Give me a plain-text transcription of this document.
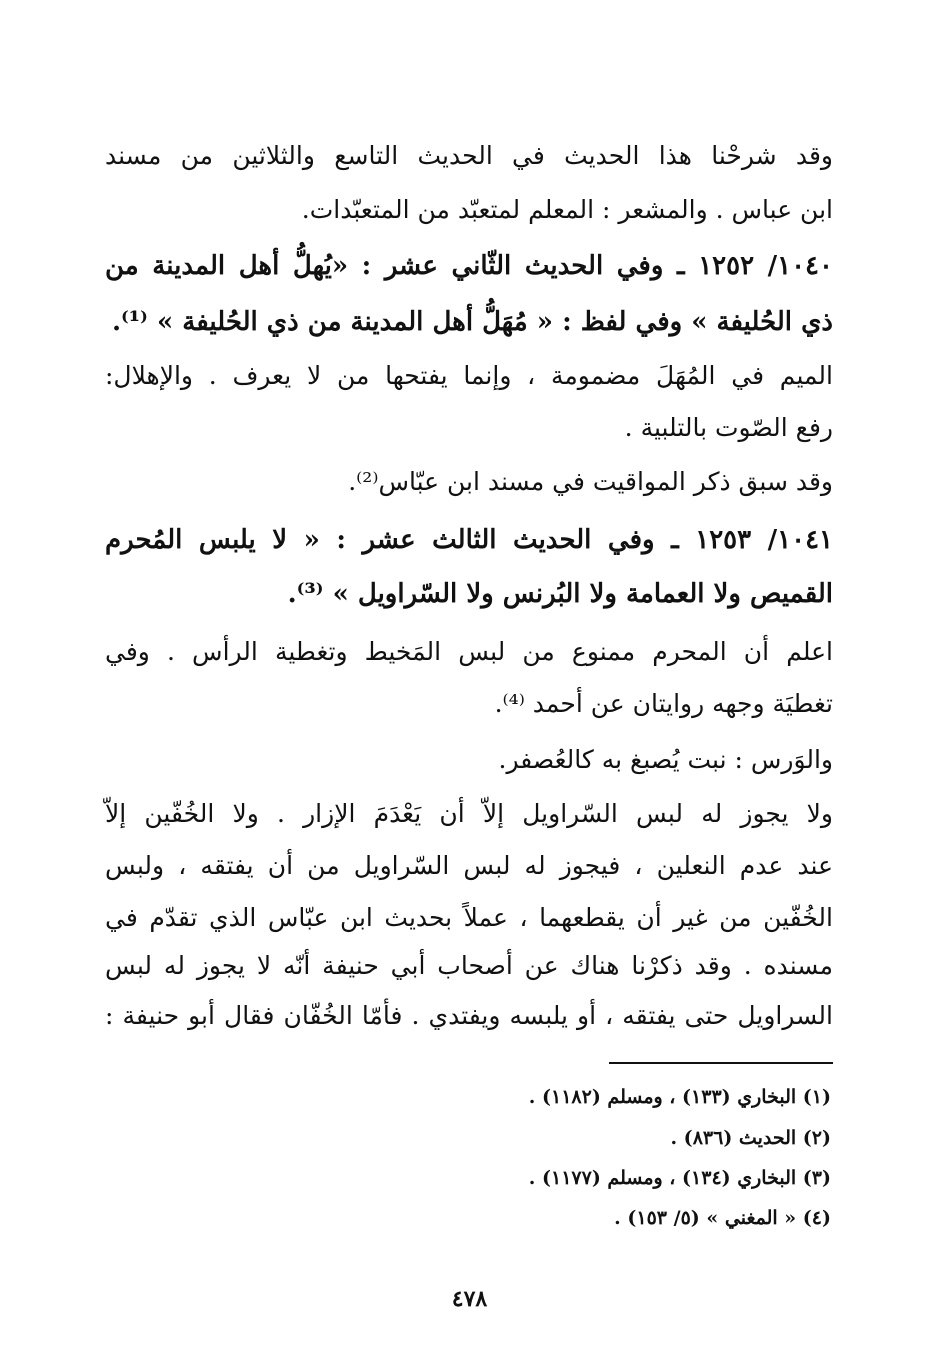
وقد شرحْنا هذا الحديث في الحديث التاسع والثلاثين من مسند
ابن عباس . والمشعر : المعلم لمتعبّد من المتعبّدات.
١٠٤٠/ ١٢٥٢ ـ وفي الحديث الثّاني عشر : «يُهلُّ أهل المدينة من
ذي الحُليفة » وفي لفظ : « مُهَلُّ أهل المدينة من ذي الحُليفة » ⁽¹⁾.
الميم في المُهَلَ مضمومة ، وإنما يفتحها من لا يعرف . والإهلال:
رفع الصّوت بالتلبية .
وقد سبق ذكر المواقيت في مسند ابن عبّاس⁽²⁾.
١٠٤١/ ١٢٥٣ ـ وفي الحديث الثالث عشر : « لا يلبس المُحرم
القميص ولا العمامة ولا البُرنس ولا السّراويل » ⁽³⁾.
اعلم أن المحرم ممنوع من لبس المَخيط وتغطية الرأس . وفي
تغطيَة وجهه روايتان عن أحمد ⁽⁴⁾.
والوَرس : نبت يُصبغ به كالعُصفر.
ولا يجوز له لبس السّراويل إلاّ أن يَعْدَمَ الإزار . ولا الخُفّين إلاّ
عند عدم النعلين ، فيجوز له لبس السّراويل من أن يفتقه ، ولبس
الخُفّين من غير أن يقطعهما ، عملاً بحديث ابن عبّاس الذي تقدّم في
مسنده . وقد ذكرْنا هناك عن أصحاب أبي حنيفة أنّه لا يجوز له لبس
السراويل حتى يفتقه ، أو يلبسه ويفتدي . فأمّا الخُفّان فقال أبو حنيفة :
(١) البخاري (١٣٣) ، ومسلم (١١٨٢) .
(٢) الحديث (٨٣٦) .
(٣) البخاري (١٣٤) ، ومسلم (١١٧٧) .
(٤) « المغني » (٥/ ١٥٣) .
٤٧٨
